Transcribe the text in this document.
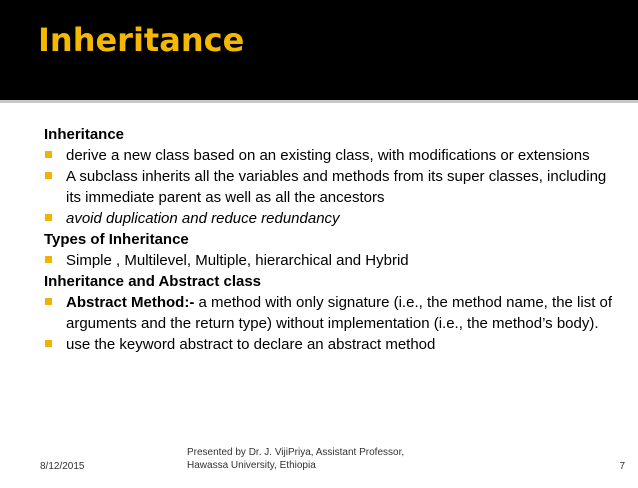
Inheritance

Inheritance

derive a new class based on an existing class, with modifications or extensions
A subclass inherits all the variables and methods from its super classes, including its immediate parent as well as all the ancestors
avoid duplication and reduce redundancy

Types of Inheritance

Simple , Multilevel, Multiple, hierarchical and Hybrid

Inheritance and Abstract class

Abstract Method:- a method with only signature (i.e., the method name, the list of arguments and the return type) without implementation (i.e., the method’s body).
use the keyword abstract to declare an abstract method
8/12/2015
Presented by Dr. J. VijiPriya, Assistant Professor,
Hawassa University, Ethiopia	7
